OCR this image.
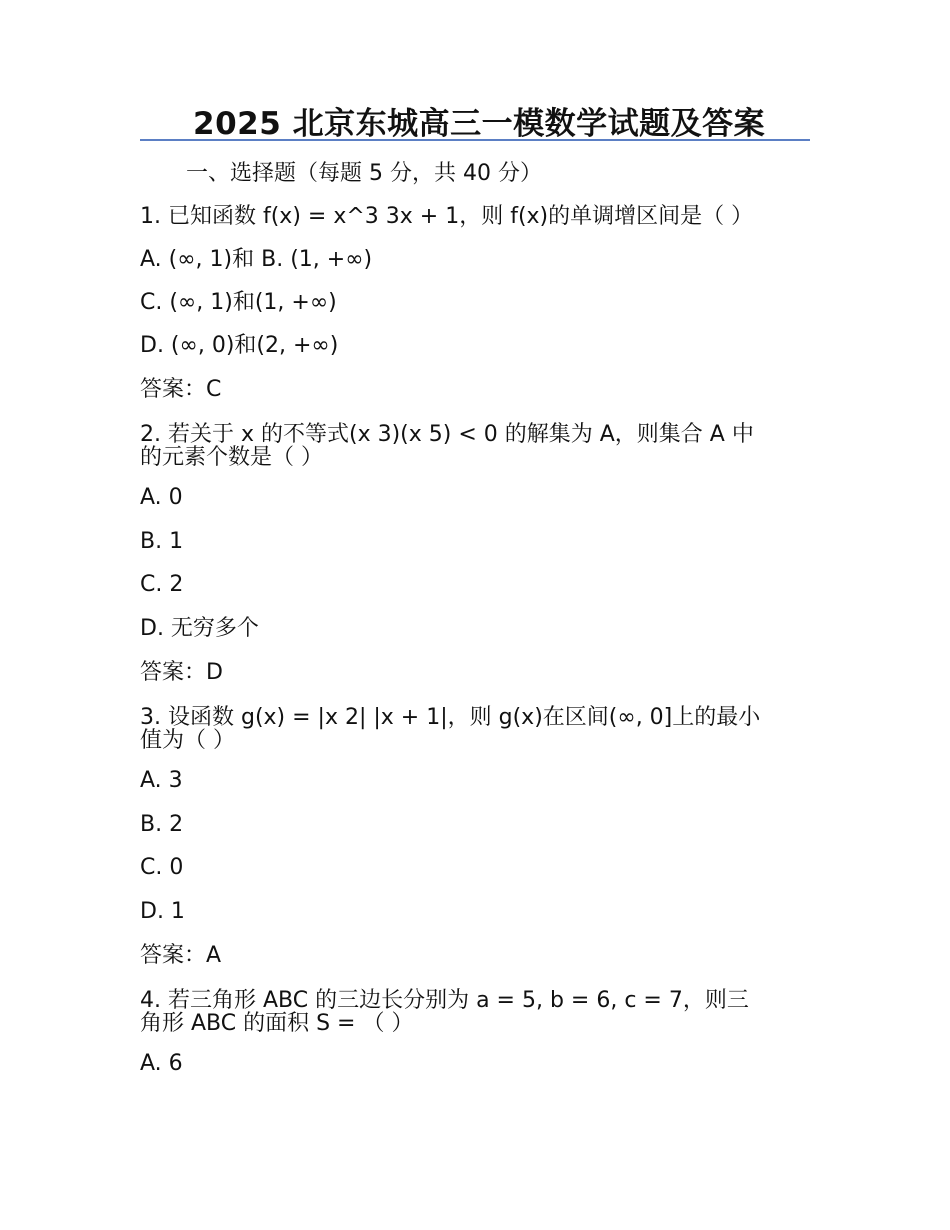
2025 北京东城高三一模数学试题及答案
一、选择题（每题 5 分，共 40 分）
1. 已知函数 f(x) = x^3 3x + 1，则 f(x)的单调增区间是（ ）
A. (∞, 1)和 B. (1, +∞)
C. (∞, 1)和(1, +∞)
D. (∞, 0)和(2, +∞)
答案：C
2. 若关于 x 的不等式(x 3)(x 5) < 0 的解集为 A，则集合 A 中
的元素个数是（ ）
A. 0
B. 1
C. 2
D. 无穷多个
答案：D
3. 设函数 g(x) = |x 2| |x + 1|，则 g(x)在区间(∞, 0]上的最小
值为（ ）
A. 3
B. 2
C. 0
D. 1
答案：A
4. 若三角形 ABC 的三边长分别为 a = 5, b = 6, c = 7，则三
角形 ABC 的面积 S = （ ）
A. 6
